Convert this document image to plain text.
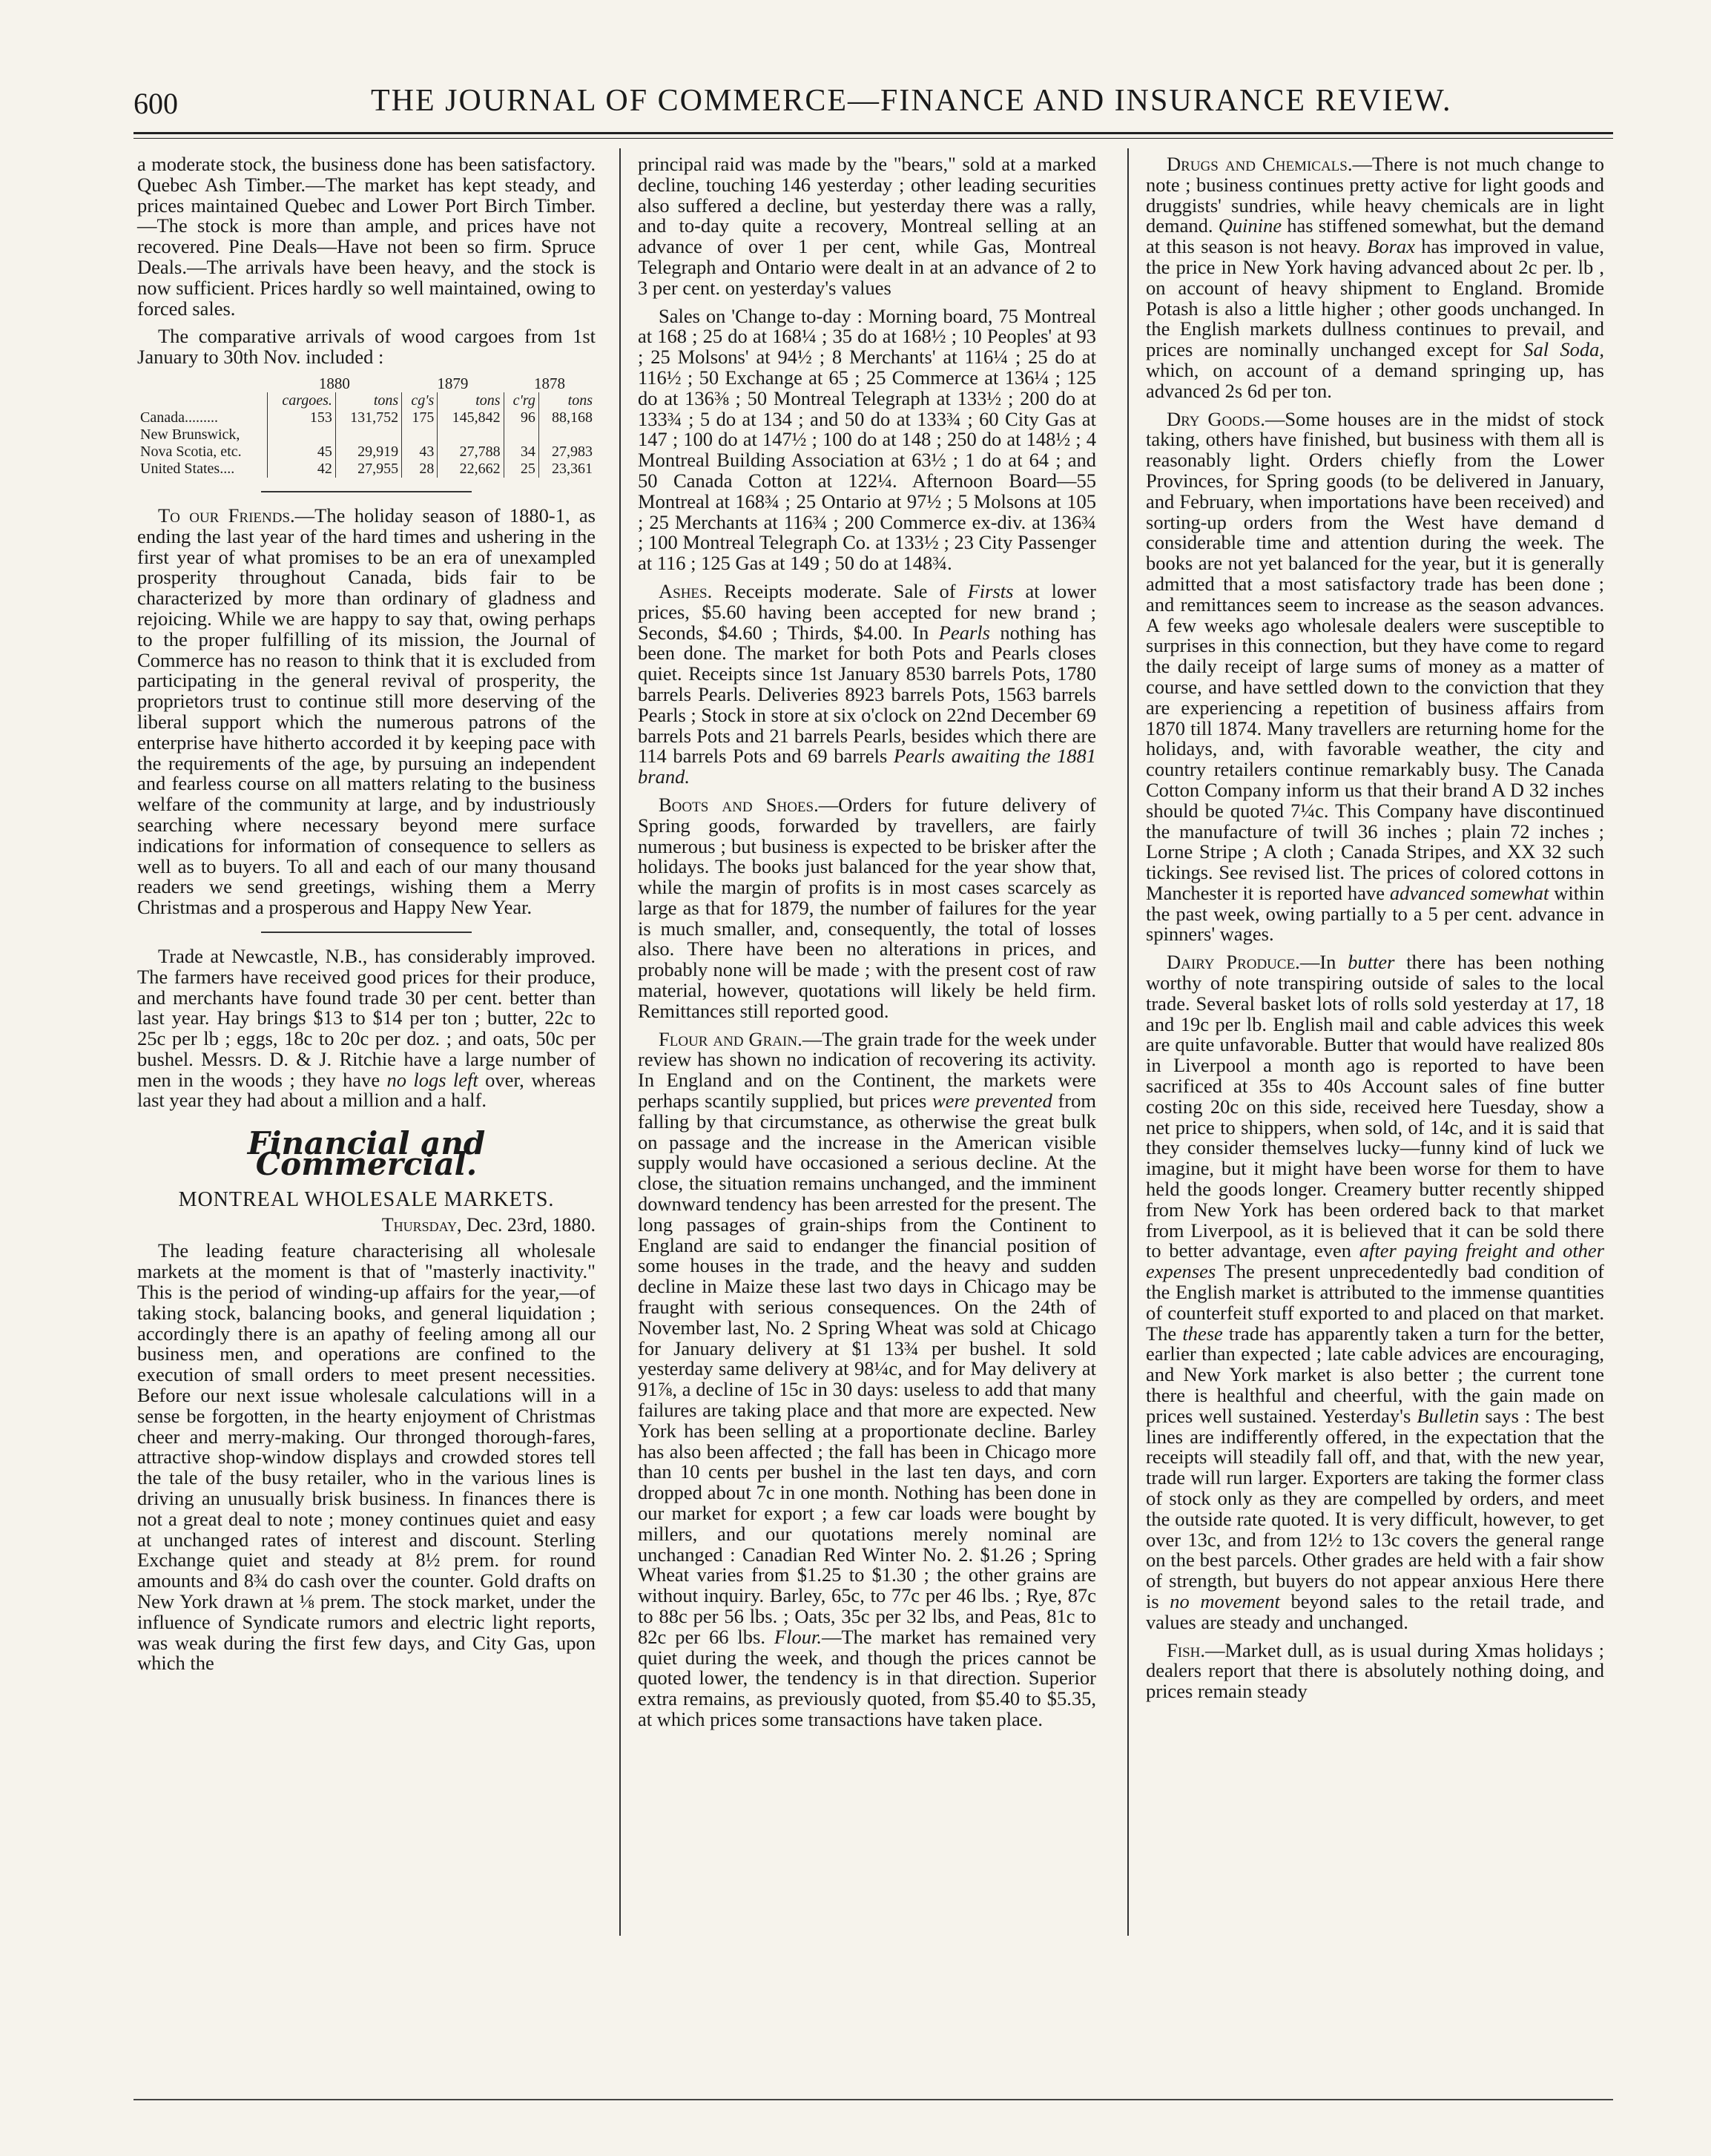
600	THE JOURNAL OF COMMERCE—FINANCE AND INSURANCE REVIEW.

a moderate stock, the business done has been satisfactory. Quebec Ash Timber.—The market has kept steady, and prices maintained Quebec and Lower Port Birch Timber.—The stock is more than ample, and prices have not recovered. Pine Deals—Have not been so firm. Spruce Deals.—The arrivals have been heavy, and the stock is now sufficient. Prices hardly so well maintained, owing to forced sales.

The comparative arrivals of wood cargoes from 1st January to 30th Nov. included :

	1880		1879		1878	
	cargoes.	tons	cg's	tons	c'rg	tons
Canada.........	153	131,752	175	145,842	96	88,168
New Brunswick,						
Nova Scotia, etc.	45	29,919	43	27,788	34	27,983
United States....	42	27,955	28	22,662	25	23,361

To our Friends.—The holiday season of 1880-1, as ending the last year of the hard times and ushering in the first year of what promises to be an era of unexampled prosperity throughout Canada, bids fair to be characterized by more than ordinary of gladness and rejoicing. While we are happy to say that, owing perhaps to the proper fulfilling of its mission, the Journal of Commerce has no reason to think that it is excluded from participating in the general revival of prosperity, the proprietors trust to continue still more deserving of the liberal support which the numerous patrons of the enterprise have hitherto accorded it by keeping pace with the requirements of the age, by pursuing an independent and fearless course on all matters relating to the business welfare of the community at large, and by industriously searching where necessary beyond mere surface indications for information of consequence to sellers as well as to buyers. To all and each of our many thousand readers we send greetings, wishing them a Merry Christmas and a prosperous and Happy New Year.

Trade at Newcastle, N.B., has considerably improved. The farmers have received good prices for their produce, and merchants have found trade 30 per cent. better than last year. Hay brings $13 to $14 per ton ; butter, 22c to 25c per lb ; eggs, 18c to 20c per doz. ; and oats, 50c per bushel. Messrs. D. & J. Ritchie have a large number of men in the woods ; they have no logs left over, whereas last year they had about a million and a half.

Financial and Commercial.
MONTREAL WHOLESALE MARKETS.
Thursday, Dec. 23rd, 1880.

The leading feature characterising all wholesale markets at the moment is that of "masterly inactivity." This is the period of winding-up affairs for the year,—of taking stock, balancing books, and general liquidation ; accordingly there is an apathy of feeling among all our business men, and operations are confined to the execution of small orders to meet present necessities. Before our next issue wholesale calculations will in a sense be forgotten, in the hearty enjoyment of Christmas cheer and merry-making. Our thronged thorough-fares, attractive shop-window displays and crowded stores tell the tale of the busy retailer, who in the various lines is driving an unusually brisk business. In finances there is not a great deal to note ; money continues quiet and easy at unchanged rates of interest and discount. Sterling Exchange quiet and steady at 8½ prem. for round amounts and 8¾ do cash over the counter. Gold drafts on New York drawn at ⅛ prem. The stock market, under the influence of Syndicate rumors and electric light reports, was weak during the first few days, and City Gas, upon which the

principal raid was made by the "bears," sold at a marked decline, touching 146 yesterday ; other leading securities also suffered a decline, but yesterday there was a rally, and to-day quite a recovery, Montreal selling at an advance of over 1 per cent, while Gas, Montreal Telegraph and Ontario were dealt in at an advance of 2 to 3 per cent. on yesterday's values

Sales on 'Change to-day : Morning board, 75 Montreal at 168 ; 25 do at 168¼ ; 35 do at 168½ ; 10 Peoples' at 93 ; 25 Molsons' at 94½ ; 8 Merchants' at 116¼ ; 25 do at 116½ ; 50 Exchange at 65 ; 25 Commerce at 136¼ ; 125 do at 136⅜ ; 50 Montreal Telegraph at 133½ ; 200 do at 133¾ ; 5 do at 134 ; and 50 do at 133¾ ; 60 City Gas at 147 ; 100 do at 147½ ; 100 do at 148 ; 250 do at 148½ ; 4 Montreal Building Association at 63½ ; 1 do at 64 ; and 50 Canada Cotton at 122¼. Afternoon Board—55 Montreal at 168¾ ; 25 Ontario at 97½ ; 5 Molsons at 105 ; 25 Merchants at 116¾ ; 200 Commerce ex-div. at 136¾ ; 100 Montreal Telegraph Co. at 133½ ; 23 City Passenger at 116 ; 125 Gas at 149 ; 50 do at 148¾.

Ashes. Receipts moderate. Sale of Firsts at lower prices, $5.60 having been accepted for new brand ; Seconds, $4.60 ; Thirds, $4.00. In Pearls nothing has been done. The market for both Pots and Pearls closes quiet. Receipts since 1st January 8530 barrels Pots, 1780 barrels Pearls. Deliveries 8923 barrels Pots, 1563 barrels Pearls ; Stock in store at six o'clock on 22nd December 69 barrels Pots and 21 barrels Pearls, besides which there are 114 barrels Pots and 69 barrels Pearls awaiting the 1881 brand.

Boots and Shoes.—Orders for future delivery of Spring goods, forwarded by travellers, are fairly numerous ; but business is expected to be brisker after the holidays. The books just balanced for the year show that, while the margin of profits is in most cases scarcely as large as that for 1879, the number of failures for the year is much smaller, and, consequently, the total of losses also. There have been no alterations in prices, and probably none will be made ; with the present cost of raw material, however, quotations will likely be held firm. Remittances still reported good.

Flour and Grain.—The grain trade for the week under review has shown no indication of recovering its activity. In England and on the Continent, the markets were perhaps scantily supplied, but prices were prevented from falling by that circumstance, as otherwise the great bulk on passage and the increase in the American visible supply would have occasioned a serious decline. At the close, the situation remains unchanged, and the imminent downward tendency has been arrested for the present. The long passages of grain-ships from the Continent to England are said to endanger the financial position of some houses in the trade, and the heavy and sudden decline in Maize these last two days in Chicago may be fraught with serious consequences. On the 24th of November last, No. 2 Spring Wheat was sold at Chicago for January delivery at $1 13¾ per bushel. It sold yesterday same delivery at 98¼c, and for May delivery at 91⅞, a decline of 15c in 30 days: useless to add that many failures are taking place and that more are expected. New York has been selling at a proportionate decline. Barley has also been affected ; the fall has been in Chicago more than 10 cents per bushel in the last ten days, and corn dropped about 7c in one month. Nothing has been done in our market for export ; a few car loads were bought by millers, and our quotations merely nominal are unchanged : Canadian Red Winter No. 2. $1.26 ; Spring Wheat varies from $1.25 to $1.30 ; the other grains are without inquiry. Barley, 65c, to 77c per 46 lbs. ; Rye, 87c to 88c per 56 lbs. ; Oats, 35c per 32 lbs, and Peas, 81c to 82c per 66 lbs. Flour.—The market has remained very quiet during the week, and though the prices cannot be quoted lower, the tendency is in that direction. Superior extra remains, as previously quoted, from $5.40 to $5.35, at which prices some transactions have taken place.

Drugs and Chemicals.—There is not much change to note ; business continues pretty active for light goods and druggists' sundries, while heavy chemicals are in light demand. Quinine has stiffened somewhat, but the demand at this season is not heavy. Borax has improved in value, the price in New York having advanced about 2c per. lb , on account of heavy shipment to England. Bromide Potash is also a little higher ; other goods unchanged. In the English markets dullness continues to prevail, and prices are nominally unchanged except for Sal Soda, which, on account of a demand springing up, has advanced 2s 6d per ton.

Dry Goods.—Some houses are in the midst of stock taking, others have finished, but business with them all is reasonably light. Orders chiefly from the Lower Provinces, for Spring goods (to be delivered in January, and February, when importations have been received) and sorting-up orders from the West have demand d considerable time and attention during the week. The books are not yet balanced for the year, but it is generally admitted that a most satisfactory trade has been done ; and remittances seem to increase as the season advances. A few weeks ago wholesale dealers were susceptible to surprises in this connection, but they have come to regard the daily receipt of large sums of money as a matter of course, and have settled down to the conviction that they are experiencing a repetition of business affairs from 1870 till 1874. Many travellers are returning home for the holidays, and, with favorable weather, the city and country retailers continue remarkably busy. The Canada Cotton Company inform us that their brand A D 32 inches should be quoted 7¼c. This Company have discontinued the manufacture of twill 36 inches ; plain 72 inches ; Lorne Stripe ; A cloth ; Canada Stripes, and XX 32 such tickings. See revised list. The prices of colored cottons in Manchester it is reported have advanced somewhat within the past week, owing partially to a 5 per cent. advance in spinners' wages.

Dairy Produce.—In butter there has been nothing worthy of note transpiring outside of sales to the local trade. Several basket lots of rolls sold yesterday at 17, 18 and 19c per lb. English mail and cable advices this week are quite unfavorable. Butter that would have realized 80s in Liverpool a month ago is reported to have been sacrificed at 35s to 40s Account sales of fine butter costing 20c on this side, received here Tuesday, show a net price to shippers, when sold, of 14c, and it is said that they consider themselves lucky—funny kind of luck we imagine, but it might have been worse for them to have held the goods longer. Creamery butter recently shipped from New York has been ordered back to that market from Liverpool, as it is believed that it can be sold there to better advantage, even after paying freight and other expenses The present unprecedentedly bad condition of the English market is attributed to the immense quantities of counterfeit stuff exported to and placed on that market. The these trade has apparently taken a turn for the better, earlier than expected ; late cable advices are encouraging, and New York market is also better ; the current tone there is healthful and cheerful, with the gain made on prices well sustained. Yesterday's Bulletin says : The best lines are indifferently offered, in the expectation that the receipts will steadily fall off, and that, with the new year, trade will run larger. Exporters are taking the former class of stock only as they are compelled by orders, and meet the outside rate quoted. It is very difficult, however, to get over 13c, and from 12½ to 13c covers the general range on the best parcels. Other grades are held with a fair show of strength, but buyers do not appear anxious Here there is no movement beyond sales to the retail trade, and values are steady and unchanged.

Fish.—Market dull, as is usual during Xmas holidays ; dealers report that there is absolutely nothing doing, and prices remain steady
